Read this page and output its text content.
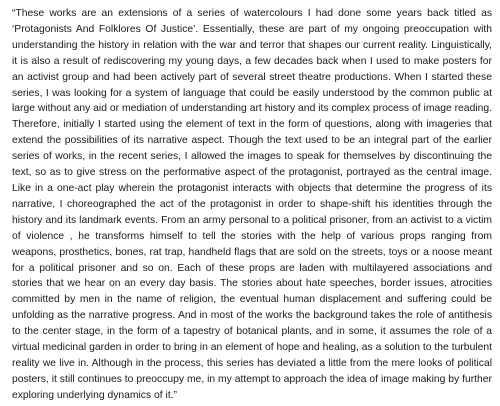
“These works are an extensions of a series of watercolours I had done some years back titled as ‘Protagonists And Folklores Of Justice’. Essentially, these are part of my ongoing preoccupation with understanding the history in relation with the war and terror that shapes our current reality. Linguistically, it is also a result of rediscovering my young days, a few decades back when I used to make posters for an activist group and had been actively part of several street theatre productions. When I started these series, I was looking for a system of language that could be easily understood by the common public at large without any aid or mediation of understanding art history and its complex process of image reading. Therefore, initially I started using the element of text in the form of questions, along with imageries that extend the possibilities of its narrative aspect. Though the text used to be an integral part of the earlier series of works, in the recent series, I allowed the images to speak for themselves by discontinuing the text, so as to give stress on the performative aspect of the protagonist, portrayed as the central image. Like in a one-act play wherein the protagonist interacts with objects that determine the progress of its narrative, I choreographed the act of the protagonist in order to shape-shift his identities through the history and its landmark events. From an army personal to a political prisoner, from an activist to a victim of violence , he transforms himself to tell the stories with the help of various props ranging from weapons, prosthetics, bones, rat trap, handheld flags that are sold on the streets, toys or a noose meant for a political prisoner and so on. Each of these props are laden with multilayered associations and stories that we hear on an every day basis. The stories about hate speeches, border issues, atrocities committed by men in the name of religion, the eventual human displacement and suffering could be unfolding as the narrative progress. And in most of the works the background takes the role of antithesis to the center stage, in the form of a tapestry of botanical plants, and in some, it assumes the role of a virtual medicinal garden in order to bring in an element of hope and healing, as a solution to the turbulent reality we live in. Although in the process, this series has deviated a little from the mere looks of political posters, it still continues to preoccupy me, in my attempt to approach the idea of image making by further exploring underlying dynamics of it.”
